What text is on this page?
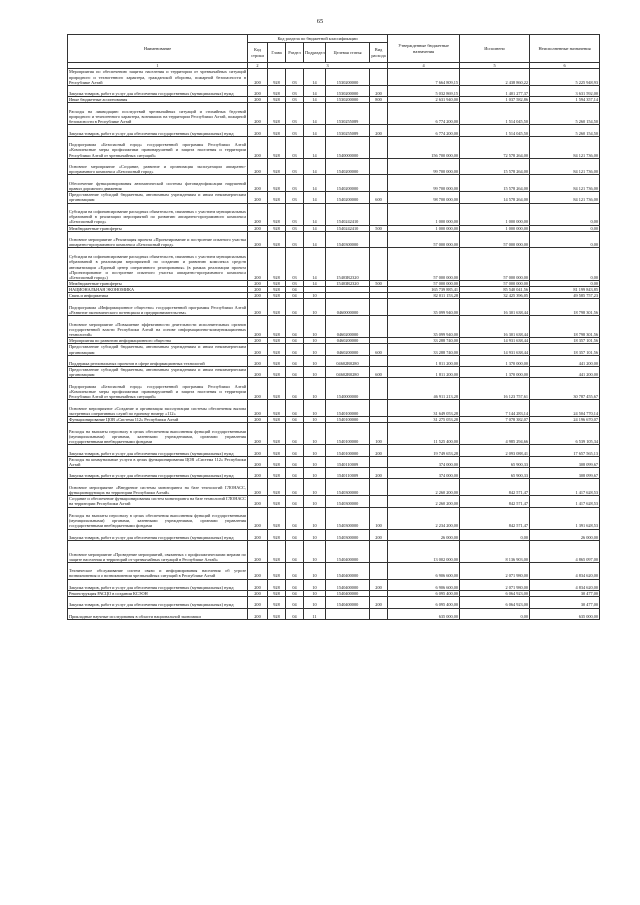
65
Наименование	Код раздела по бюджетной классификации						Утвержденные бюджетные назначения	Исполнено	Неисполненные назначения
	Код строки	Глава	Раздел	Подраздел	Целевая статья	Вид расхода			
1	2	3					4	5	6
Мероприятия по обеспечению защиты населения и территории от чрезвычайных ситуаций природного и техногенного характера, гражданской обороны, пожарной безопасности в Республике Алтай	200	928	03	14	1530200000		7 664 809,15	2 438 860,22	5 225 948,93
Закупка товаров, работ и услуг для обеспечения государственных (муниципальных) нужд	200	928	03	14	1530200000	200	5 032 869,15	1 401 277,37	3 631 592,00
Иные бюджетные ассигнования	200	928	03	14	1530200000	800	2 631 940,00	1 037 582,86	1 594 357,14
Расходы на ликвидацию последствий чрезвычайных ситуаций и стихийных бедствий природного и техногенного характера, возникших на территории Республики Алтай, пожарной безопасности в Республике Алтай	200	928	03	14	1530255089		6 774 200,00	1 514 045,50	5 260 154,50
Закупка товаров, работ и услуг для обеспечения государственных (муниципальных) нужд	200	928	03	14	1530255089	200	6 774 200,00	1 514 045,50	5 260 154,50
Подпрограмма «Безопасный город» государственной программы Республики Алтай «Комплексные меры профилактики правонарушений и защита населения и территории Республики Алтай от чрезвычайных ситуаций»	200	928	03	14	1540000000		156 700 000,00	72 578 264,00	84 121 736,00
Основное мероприятие «Создание, развитие и организация эксплуатации аппаратно-программного комплекса «Безопасный город»	200	928	03	14	1540200000		99 700 000,00	15 578 264,00	84 121 736,00
Обеспечение функционирования автоматической системы фотовидеофиксации нарушений правил дорожного движения	200	928	03	14	1540200000		99 700 000,00	15 578 264,00	84 121 736,00
Предоставление субсидий бюджетным, автономным учреждениям и иным некоммерческим организациям	200	928	03	14	1540200000	600	98 700 000,00	14 578 264,00	84 121 736,00
Субсидии на софинансирование расходных обязательств, связанных с участием муниципальных образований в реализации мероприятий по развитию аппаратно-программного комплекса «Безопасный город»	200	928	03	14	1540242410		1 000 000,00	1 000 000,00	0,00
Межбюджетные трансферты	200	928	03	14	1540242410	500	1 000 000,00	1 000 000,00	0,00
Основное мероприятие «Реализация проекта «Проектирование и построение опытного участка аппаратно-программного комплекса «Безопасный город»	200	928	03	14	1540300000		57 000 000,00	57 000 000,00	0,00
Субсидии на софинансирование расходных обязательств, связанных с участием муниципальных образований в реализации мероприятий по созданию и развитию комплекса средств автоматизации «Единый центр оперативного реагирования» (в рамках реализации проекта «Проектирование и построение опытного участка аппаратно-программного комплекса «Безопасный город»)	200	928	03	14	15403R2320		57 000 000,00	57 000 000,00	0,00
Межбюджетные трансферты	200	928	03	14	15403R2320	500	57 000 000,00	57 000 000,00	0,00
НАЦИОНАЛЬНАЯ ЭКОНОМИКА	200	928	04				165 739 885,41	85 540 041,56	81 199 843,85
Связь и информатика	200	928	04	10			82 011 153,28	32 425 396,05	49 585 757,23
Подпрограмма «Информационное общество» государственной программы Республики Алтай «Развитие экономического потенциала и предпринимательства»	200	928	04	10	0460000000		35 099 940,00	16 301 638,44	18 798 301,56
Основное мероприятие «Повышение эффективности деятельности исполнительных органов государственной власти Республики Алтай на основе информационно-коммуникационных технологий»	200	928	04	10	0460200000		35 099 940,00	16 301 638,44	18 798 301,56
Мероприятия по развитию информационного общества	200	928	04	10	0460200000		33 288 740,00	14 931 638,44	18 357 101,56
Предоставление субсидий бюджетным, автономным учреждениям и иным некоммерческим организациям	200	928	04	10	0460200000	600	33 288 740,00	14 931 638,44	18 357 101,56
Поддержка региональных проектов в сфере информационных технологий	200	928	04	10	04602R0280		1 811 200,00	1 370 000,00	441 200,00
Предоставление субсидий бюджетным, автономным учреждениям и иным некоммерческим организациям	200	928	04	10	04602R0280	600	1 811 200,00	1 370 000,00	441 200,00
Подпрограмма «Безопасный город» государственной программы Республики Алтай «Комплексные меры профилактики правонарушений и защита населения и территории Республики Алтай от чрезвычайных ситуаций»	200	928	04	10	1540000000		46 911 213,28	16 123 757,61	30 787 455,67
Основное мероприятие «Создание и организация эксплуатации системы обеспечения вызова экстренных оперативных служб по единому номеру «112»	200	928	04	10	1540100000		31 649 053,28	7 144 283,14	24 504 770,14
Функционирование ЦОВ «Система 112» Республики Алтай	200	928	04	10	1540100000		31 275 053,28	7 078 382,07	24 196 670,07
Расходы на выплаты персоналу в целях обеспечения выполнения функций государственными (муниципальными) органами, казенными учреждениями, органами управления государственными внебюджетными фондами	200	928	04	10	1540100000	100	11 525 400,00	4 985 294,66	6 539 105,34
Закупка товаров, работ и услуг для обеспечения государственных (муниципальных) нужд	200	928	04	10	1540100000	200	19 749 653,28	2 093 088,41	17 657 565,13
Расходы на коммунальные услуги в целях функционирования ЦОВ «Система 112» Республики Алтай	200	928	04	10	1540110009		374 000,00	65 900,33	308 099,67
Закупка товаров, работ и услуг для обеспечения государственных (муниципальных) нужд	200	928	04	10	1540110009	200	374 000,00	65 900,33	308 099,67
Основное мероприятие «Внедрение системы мониторинга на базе технологий ГЛОНАСС, функционирующих на территории Республики Алтай»	200	928	04	10	1540300000		2 260 200,00	842 571,47	1 417 628,53
Создание и обеспечение функционирования систем мониторинга на базе технологий ГЛОНАСС на территории Республики Алтай	200	928	04	10	1540300000		2 260 200,00	842 571,47	1 417 628,53
Расходы на выплаты персоналу в целях обеспечения выполнения функций государственными (муниципальными) органами, казенными учреждениями, органами управления государственными внебюджетными фондами	200	928	04	10	1540300000	100	2 234 200,00	842 571,47	1 391 628,53
Закупка товаров, работ и услуг для обеспечения государственных (муниципальных) нужд	200	928	04	10	1540300000	200	26 000,00	0,00	26 000,00
Основное мероприятие «Проведение мероприятий, связанных с профилактическими мерами по защите населения и территорий от чрезвычайных ситуаций в Республике Алтай»	200	928	04	10	1540400000		13 002 000,00	8 136 903,00	4 865 097,00
Техническое обслуживание систем связи и информирования населения об угрозе возникновения и о возникновении чрезвычайных ситуаций в Республике Алтай	200	928	04	10	1540400000		6 906 600,00	2 071 980,00	4 834 620,00
Закупка товаров, работ и услуг для обеспечения государственных (муниципальных) нужд	200	928	04	10	1540400000	200	6 906 600,00	2 071 980,00	4 834 620,00
Реконструкция РАСЦО в создании КСЭОН	200	928	04	10	1540400000		6 095 400,00	6 064 923,00	30 477,00
Закупка товаров, работ и услуг для обеспечения государственных (муниципальных) нужд	200	928	04	10	1540400000	200	6 095 400,00	6 064 923,00	30 477,00
Прикладные научные исследования в области национальной экономики	200	928	04	11			635 000,00	0,00	635 000,00
